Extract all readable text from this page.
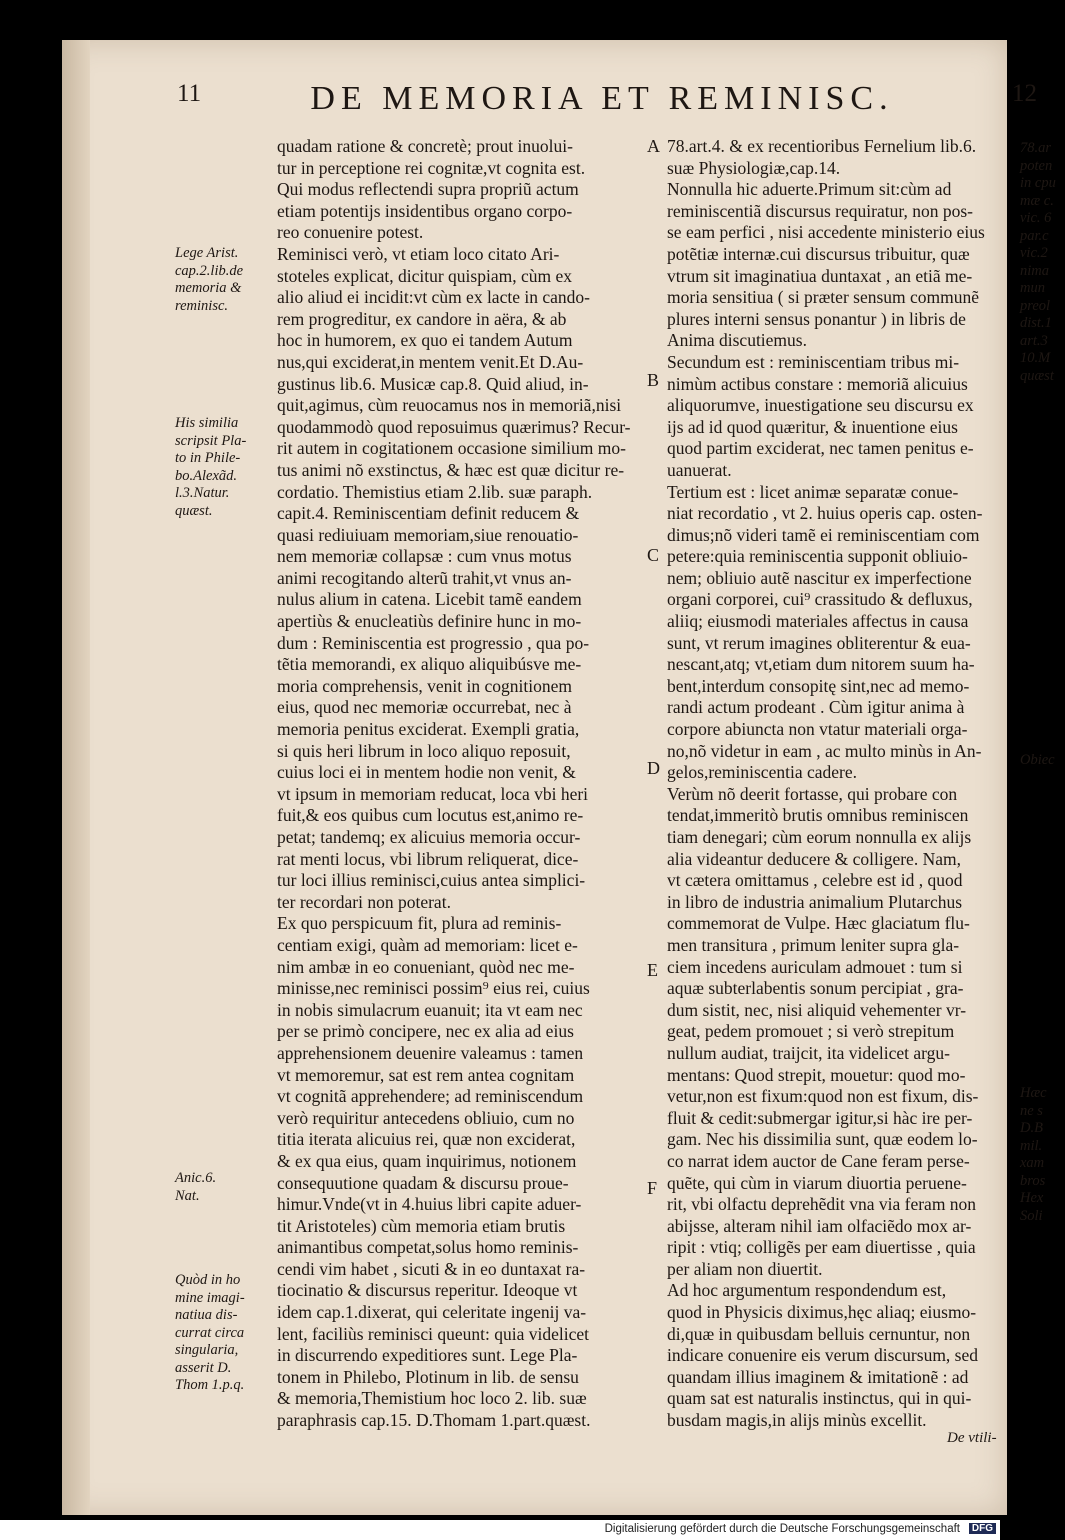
11	DE MEMORIA ET REMINISC.	12
quadam ratione & concretè; prout inuolui-
tur in perceptione rei cognitæ,vt cognita est.
Qui modus reflectendi supra propriũ actum
etiam potentijs insidentibus organo corpo-
reo conuenire potest.
Reminisci verò, vt etiam loco citato Ari-
stoteles explicat, dicitur quispiam, cùm ex
alio aliud ei incidit:vt cùm ex lacte in cando-
rem progreditur, ex candore in aëra, & ab
hoc in humorem, ex quo ei tandem Autum
nus,qui exciderat,in mentem venit.Et D.Au-
gustinus lib.6. Musicæ cap.8. Quid aliud, in-
quit,agimus, cùm reuocamus nos in memoriã,nisi
quodammodò quod reposuimus quærimus? Recur-
rit autem in cogitationem occasione similium mo-
tus animi nõ exstinctus, & hæc est quæ dicitur re-
cordatio. Themistius etiam 2.lib. suæ paraph.
capit.4. Reminiscentiam definit reducem &
quasi rediuiuam memoriam,siue renouatio-
nem memoriæ collapsæ : cum vnus motus
animi recogitando alterũ trahit,vt vnus an-
nulus alium in catena. Licebit tamẽ eandem
apertiùs & enucleatiùs definire hunc in mo-
dum : Reminiscentia est progressio , qua po-
tẽtia memorandi, ex aliquo aliquibúsve me-
moria comprehensis, venit in cognitionem
eius, quod nec memoriæ occurrebat, nec à
memoria penitus exciderat. Exempli gratia,
si quis heri librum in loco aliquo reposuit,
cuius loci ei in mentem hodie non venit, &
vt ipsum in memoriam reducat, loca vbi heri
fuit,& eos quibus cum locutus est,animo re-
petat; tandemq; ex alicuius memoria occur-
rat menti locus, vbi librum reliquerat, dice-
tur loci illius reminisci,cuius antea simplici-
ter recordari non poterat.
Ex quo perspicuum fit, plura ad reminis-
centiam exigi, quàm ad memoriam: licet e-
nim ambæ in eo conueniant, quòd nec me-
minisse,nec reminisci possim⁹ eius rei, cuius
in nobis simulacrum euanuit; ita vt eam nec
per se primò concipere, nec ex alia ad eius
apprehensionem deuenire valeamus : tamen
vt memoremur, sat est rem antea cognitam
vt cognitã apprehendere; ad reminiscendum
verò requiritur antecedens obliuio, cum no
titia iterata alicuius rei, quæ non exciderat,
& ex qua eius, quam inquirimus, notionem
consequutione quadam & discursu proue-
himur.Vnde(vt in 4.huius libri capite aduer-
tit Aristoteles) cùm memoria etiam brutis
animantibus competat,solus homo reminis-
cendi vim habet , sicuti & in eo duntaxat ra-
tiocinatio & discursus reperitur. Ideoque vt
idem cap.1.dixerat, qui celeritate ingenij va-
lent, faciliùs reminisci queunt: quia videlicet
in discurrendo expeditiores sunt. Lege Pla-
tonem in Philebo, Plotinum in lib. de sensu
& memoria,Themistium hoc loco 2. lib. suæ
paraphrasis cap.15. D.Thomam 1.part.quæst.
78.art.4. & ex recentioribus Fernelium lib.6.
suæ Physiologiæ,cap.14.
Nonnulla hic aduerte.Primum sit:cùm ad
reminiscentiã discursus requiratur, non pos-
se eam perfici , nisi accedente ministerio eius
potẽtiæ internæ.cui discursus tribuitur, quæ
vtrum sit imaginatiua duntaxat , an etiã me-
moria sensitiua ( si præter sensum communẽ
plures interni sensus ponantur ) in libris de
Anima discutiemus.
Secundum est : reminiscentiam tribus mi-
nimùm actibus constare : memoriã alicuius
aliquorumve, inuestigatione seu discursu ex
ijs ad id quod quæritur, & inuentione eius
quod partim exciderat, nec tamen penitus e-
uanuerat.
Tertium est : licet animæ separatæ conue-
niat recordatio , vt 2. huius operis cap. osten-
dimus;nõ videri tamẽ ei reminiscentiam com
petere:quia reminiscentia supponit obliuio-
nem; obliuio autẽ nascitur ex imperfectione
organi corporei, cui⁹ crassitudo & defluxus,
aliiq; eiusmodi materiales affectus in causa
sunt, vt rerum imagines obliterentur & eua-
nescant,atq; vt,etiam dum nitorem suum ha-
bent,interdum consopitę sint,nec ad memo-
randi actum prodeant . Cùm igitur anima à
corpore abiuncta non vtatur materiali orga-
no,nõ videtur in eam , ac multo minùs in An-
gelos,reminiscentia cadere.
Verùm nõ deerit fortasse, qui probare con
tendat,immeritò brutis omnibus reminiscen
tiam denegari; cùm eorum nonnulla ex alijs
alia videantur deducere & colligere. Nam,
vt cætera omittamus , celebre est id , quod
in libro de industria animalium Plutarchus
commemorat de Vulpe. Hæc glaciatum flu-
men transitura , primum leniter supra gla-
ciem incedens auriculam admouet : tum si
aquæ subterlabentis sonum percipiat , gra-
dum sistit, nec, nisi aliquid vehementer vr-
geat, pedem promouet ; si verò strepitum
nullum audiat, traijcit, ita videlicet argu-
mentans: Quod strepit, mouetur: quod mo-
vetur,non est fixum:quod non est fixum, dis-
fluit & cedit:submergar igitur,si hàc ire per-
gam. Nec his dissimilia sunt, quæ eodem lo-
co narrat idem auctor de Cane feram perse-
quẽte, qui cùm in viarum diuortia peruene-
rit, vbi olfactu deprehẽdit vna via feram non
abijsse, alteram nihil iam olfaciẽdo mox ar-
ripit : vtiq; colligẽs per eam diuertisse , quia
per aliam non diuertit.
Ad hoc argumentum respondendum est,
quod in Physicis diximus,hęc aliaq; eiusmo-
di,quæ in quibusdam belluis cernuntur, non
indicare conuenire eis verum discursum, sed
quandam illius imaginem & imitationẽ : ad
quam sat est naturalis instinctus, qui in qui-
busdam magis,in alijs minùs excellit.
Lege Arist.
cap.2.lib.de
memoria &
reminisc.
His similia
scripsit Pla-
to in Phile-
bo.Alexãd.
l.3.Natur.
quæst.
Anic.6.
Nat.
Quòd in ho
mine imagi-
natiua dis-
currat circa
singularia,
asserit D.
Thom 1.p.q.
78.ar
poten
in cpu
mæ c.
vic. 6
par.c
vic.2
nima
mun
preol
dist.1
art.3
10.M
quæst
Obiec
Hæc
ne s
D.B
mil.
xam
bros
Hex
Soli
A
B
C
D
E
F
De vtili-
Digitalisierung gefördert durch die Deutsche Forschungsgemeinschaft	DFG
